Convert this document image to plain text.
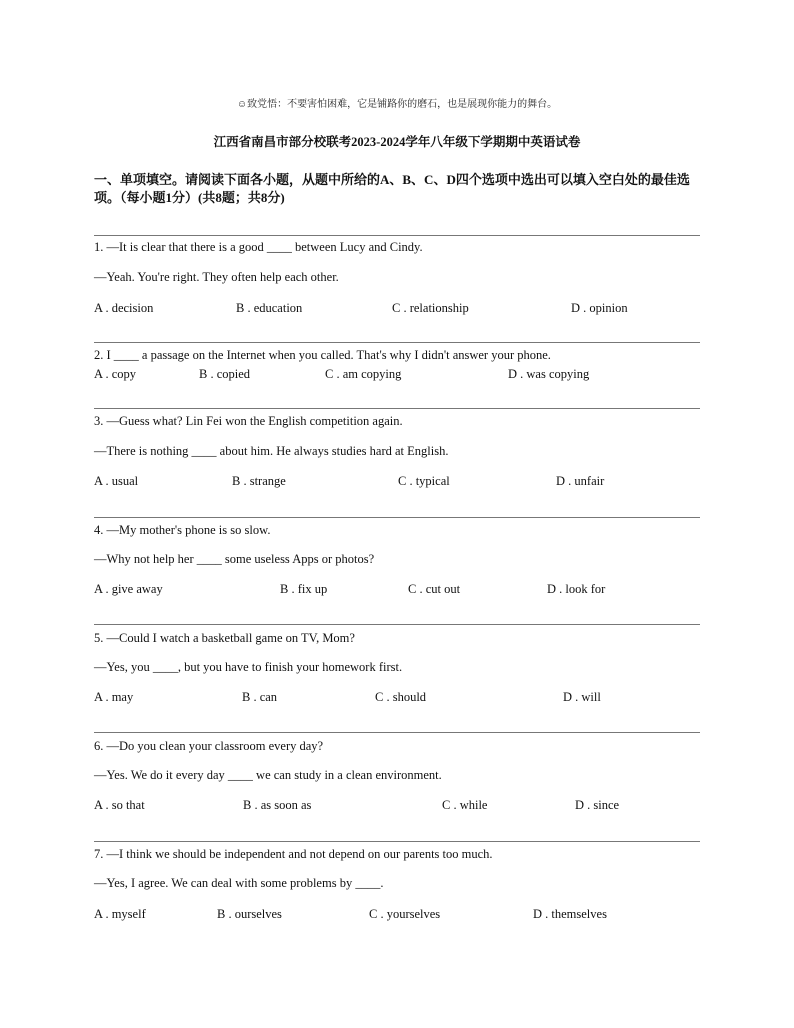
☺致党悟：不要害怕困难，它是铺路你的磨石，也是展现你能力的舞台。
江西省南昌市部分校联考2023-2024学年八年级下学期期中英语试卷
一、单项填空。请阅读下面各小题，从题中所给的A、B、C、D四个选项中选出可以填入空白处的最佳选项。（每小题1分）(共8题；共8分)
1. —It is clear that there is a good ____ between Lucy and Cindy.
—Yeah. You're right. They often help each other.
A . decision	B . education	C . relationship	D . opinion
2. I ____ a passage on the Internet when you called. That's why I didn't answer your phone.
A . copy	B . copied	C . am copying	D . was copying
3. —Guess what? Lin Fei won the English competition again.
—There is nothing ____ about him. He always studies hard at English.
A . usual	B . strange	C . typical	D . unfair
4. —My mother's phone is so slow.
—Why not help her ____ some useless Apps or photos?
A . give away	B . fix up	C . cut out	D . look for
5. —Could I watch a basketball game on TV, Mom?
—Yes, you ____, but you have to finish your homework first.
A . may	B . can	C . should	D . will
6. —Do you clean your classroom every day?
—Yes. We do it every day ____ we can study in a clean environment.
A . so that	B . as soon as	C . while	D . since
7. —I think we should be independent and not depend on our parents too much.
—Yes, I agree. We can deal with some problems by ____.
A . myself	B . ourselves	C . yourselves	D . themselves
